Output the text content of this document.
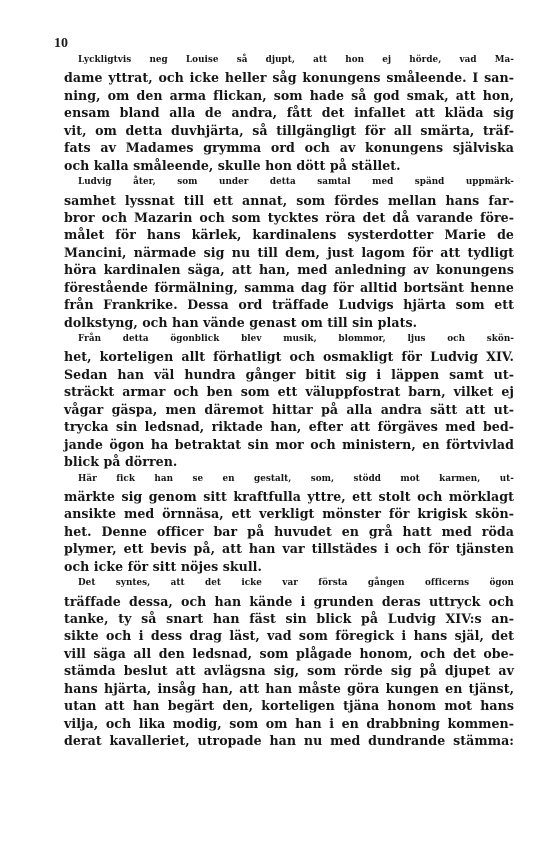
10
Lyckligtvis neg Louise så djupt, att hon ej hörde, vad Ma-
dame yttrat, och icke heller såg konungens småleende. I san-
ning, om den arma flickan, som hade så god smak, att hon,
ensam bland alla de andra, fått det infallet att kläda sig
vit, om detta duvhjärta, så tillgängligt för all smärta, träf-
fats av Madames grymma ord och av konungens själviska
och kalla småleende, skulle hon dött på stället.
Ludvig åter, som under detta samtal med spänd uppmärk-
samhet lyssnat till ett annat, som fördes mellan hans far-
bror och Mazarin och som tycktes röra det då varande före-
målet för hans kärlek, kardinalens systerdotter Marie de
Mancini, närmade sig nu till dem, just lagom för att tydligt
höra kardinalen säga, att han, med anledning av konungens
förestående förmälning, samma dag för alltid bortsänt henne
från Frankrike. Dessa ord träffade Ludvigs hjärta som ett
dolkstyng, och han vände genast om till sin plats.
Från detta ögonblick blev musik, blommor, ljus och skön-
het, korteligen allt förhatligt och osmakligt för Ludvig XIV.
Sedan han väl hundra gånger bitit sig i läppen samt ut-
sträckt armar och ben som ett väluppfostrat barn, vilket ej
vågar gäspa, men däremot hittar på alla andra sätt att ut-
trycka sin ledsnad, riktade han, efter att förgäves med bed-
jande ögon ha betraktat sin mor och ministern, en förtvivlad
blick på dörren.
Här fick han se en gestalt, som, stödd mot karmen, ut-
märkte sig genom sitt kraftfulla yttre, ett stolt och mörklagt
ansikte med örnnäsa, ett verkligt mönster för krigisk skön-
het. Denne officer bar på huvudet en grå hatt med röda
plymer, ett bevis på, att han var tillstädes i och för tjänsten
och icke för sitt nöjes skull.
Det syntes, att det icke var första gången officerns ögon
träffade dessa, och han kände i grunden deras uttryck och
tanke, ty så snart han fäst sin blick på Ludvig XIV:s an-
sikte och i dess drag läst, vad som föregick i hans själ, det
vill säga all den ledsnad, som plågade honom, och det obe-
stämda beslut att avlägsna sig, som rörde sig på djupet av
hans hjärta, insåg han, att han måste göra kungen en tjänst,
utan att han begärt den, korteligen tjäna honom mot hans
vilja, och lika modig, som om han i en drabbning kommen-
derat kavalleriet, utropade han nu med dundrande stämma:
